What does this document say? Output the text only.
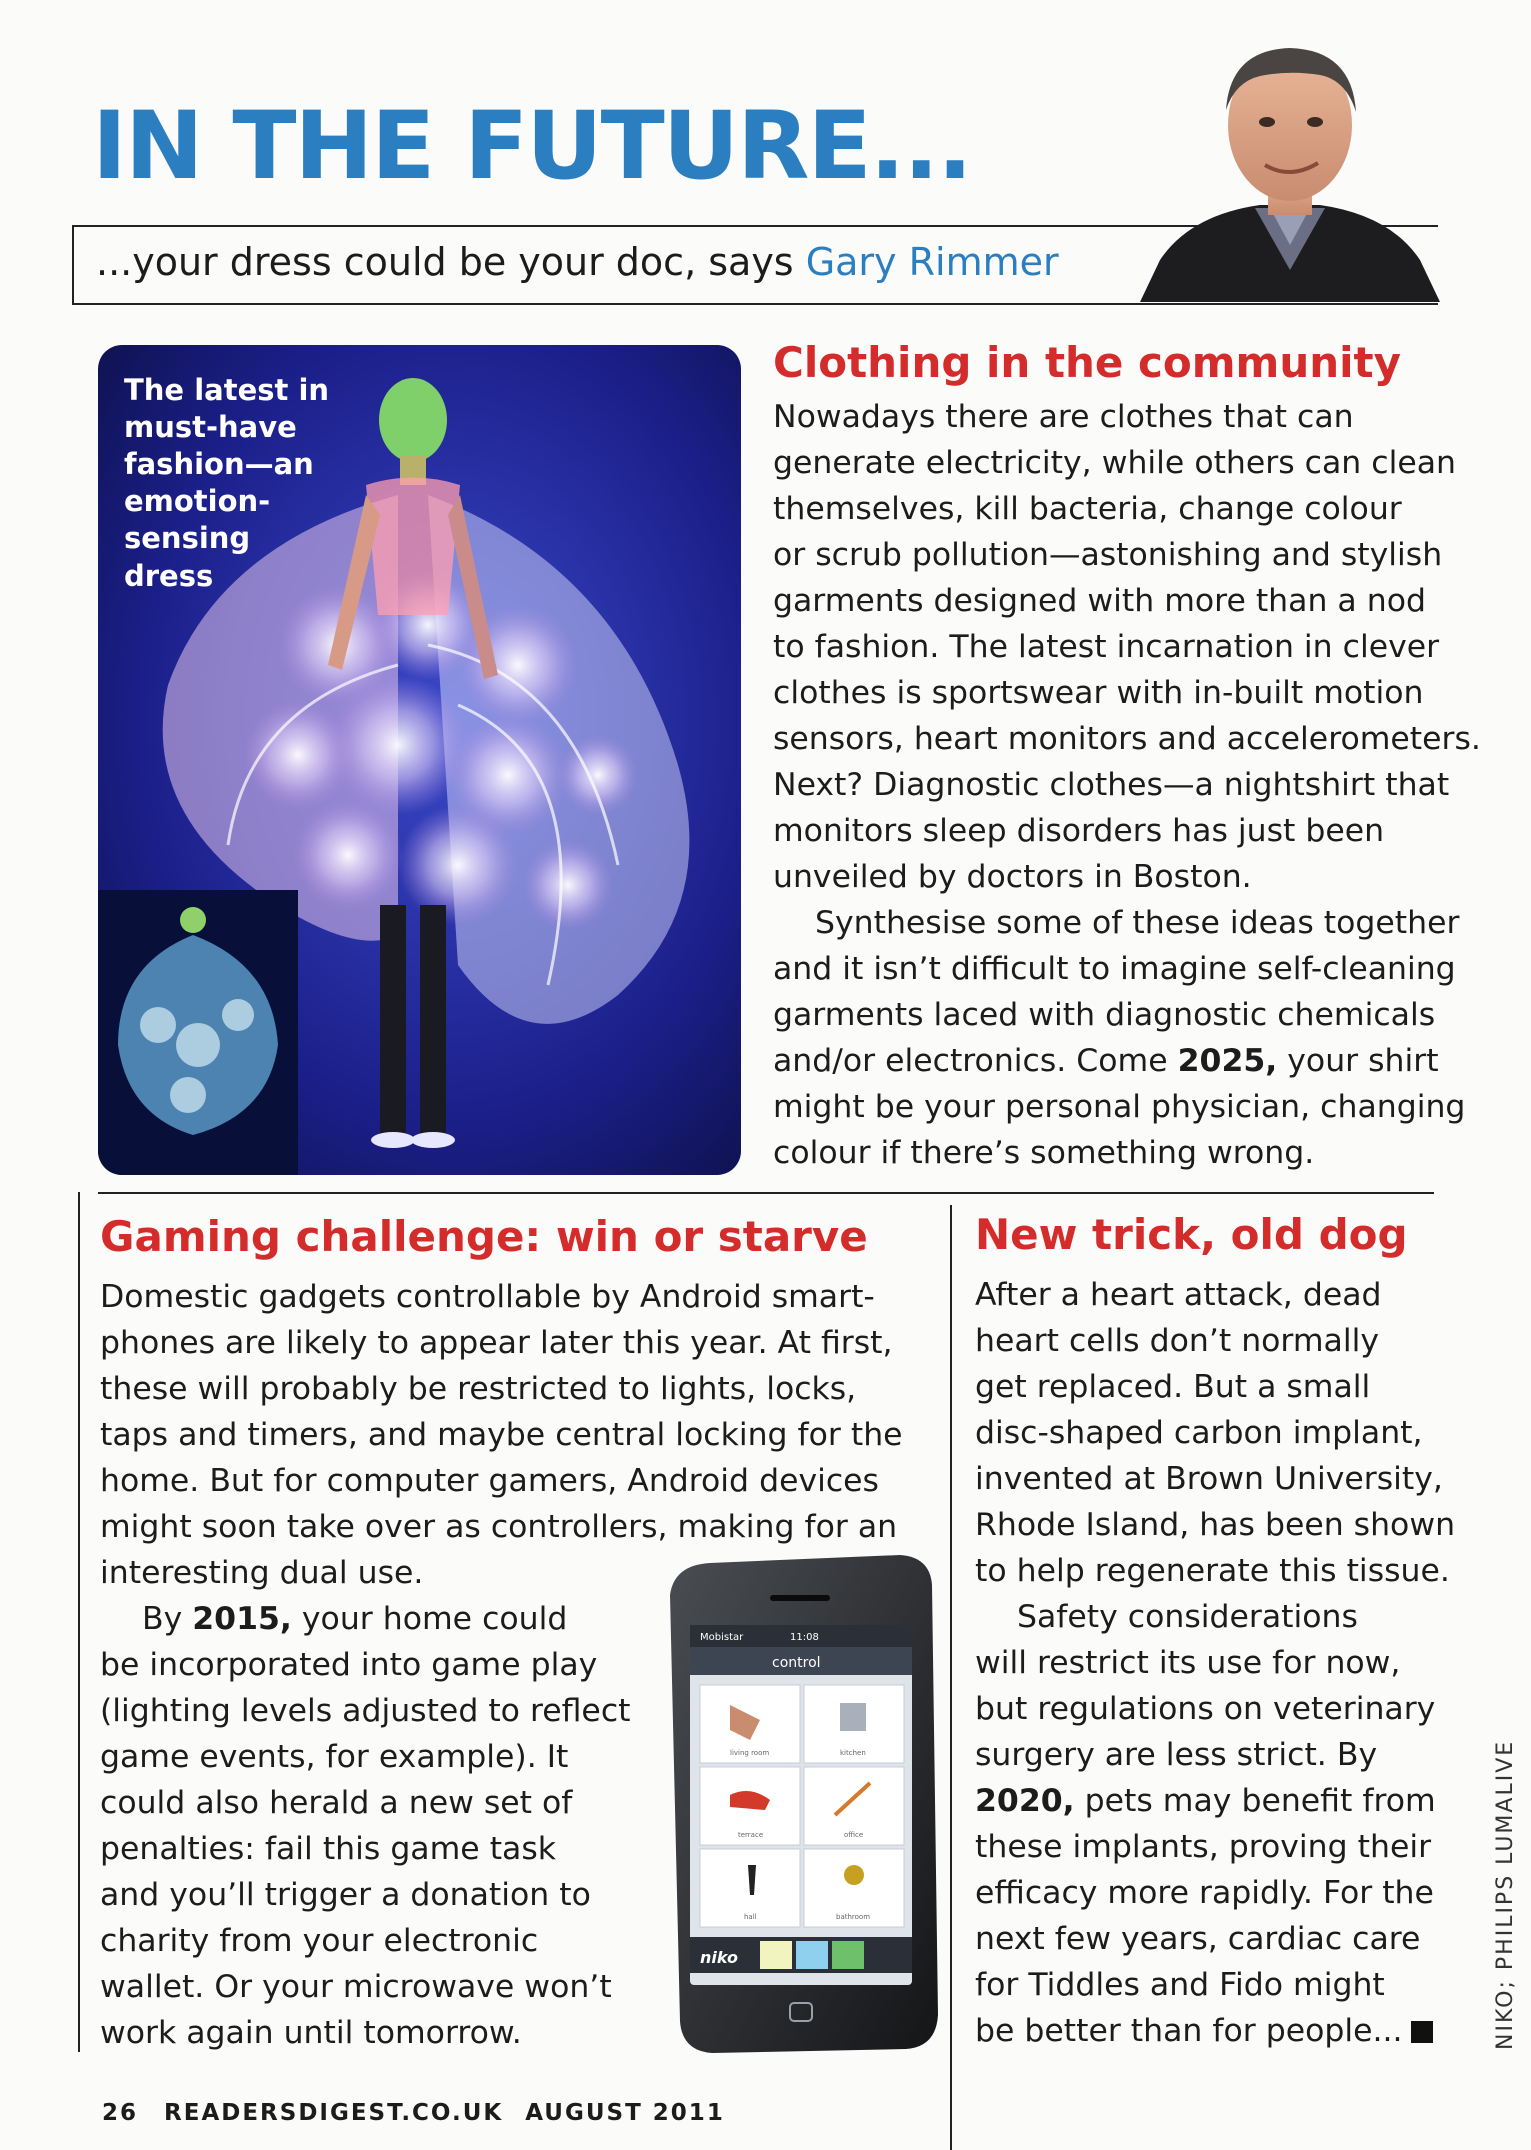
IN THE FUTURE...
...your dress could be your doc, says Gary Rimmer
The latest in
must-have
fashion—an
emotion-
sensing
dress
Clothing in the community

Nowadays there are clothes that can
generate electricity, while others can clean
themselves, kill bacteria, change colour
or scrub pollution—astonishing and stylish
garments designed with more than a nod
to fashion. The latest incarnation in clever
clothes is sportswear with in-built motion
sensors, heart monitors and accelerometers.
Next? Diagnostic clothes—a nightshirt that
monitors sleep disorders has just been
unveiled by doctors in Boston.

Synthesise some of these ideas together
and it isn’t difficult to imagine self-cleaning
garments laced with diagnostic chemicals
and/or electronics. Come 2025, your shirt
might be your personal physician, changing
colour if there’s something wrong.

Gaming challenge: win or starve

Domestic gadgets controllable by Android smart-
phones are likely to appear later this year. At first,
these will probably be restricted to lights, locks,
taps and timers, and maybe central locking for the
home. But for computer gamers, Android devices
might soon take over as controllers, making for an
interesting dual use.

By 2015, your home could
be incorporated into game play
(lighting levels adjusted to reflect
game events, for example). It
could also herald a new set of
penalties: fail this game task
and you’ll trigger a donation to
charity from your electronic
wallet. Or your microwave won’t
work again until tomorrow.

Mobistar	11:08
control
living room	kitchen
terrace	office
hall	bathroom
niko
New trick, old dog

After a heart attack, dead
heart cells don’t normally
get replaced. But a small
disc-shaped carbon implant,
invented at Brown University,
Rhode Island, has been shown
to help regenerate this tissue.

Safety considerations
will restrict its use for now,
but regulations on veterinary
surgery are less strict. By
2020, pets may benefit from
these implants, proving their
efficacy more rapidly. For the
next few years, cardiac care
for Tiddles and Fido might
be better than for people...	NIKO; PHILIPS LUMALIVE
26 READERSDIGEST.CO.UK AUGUST 2011
